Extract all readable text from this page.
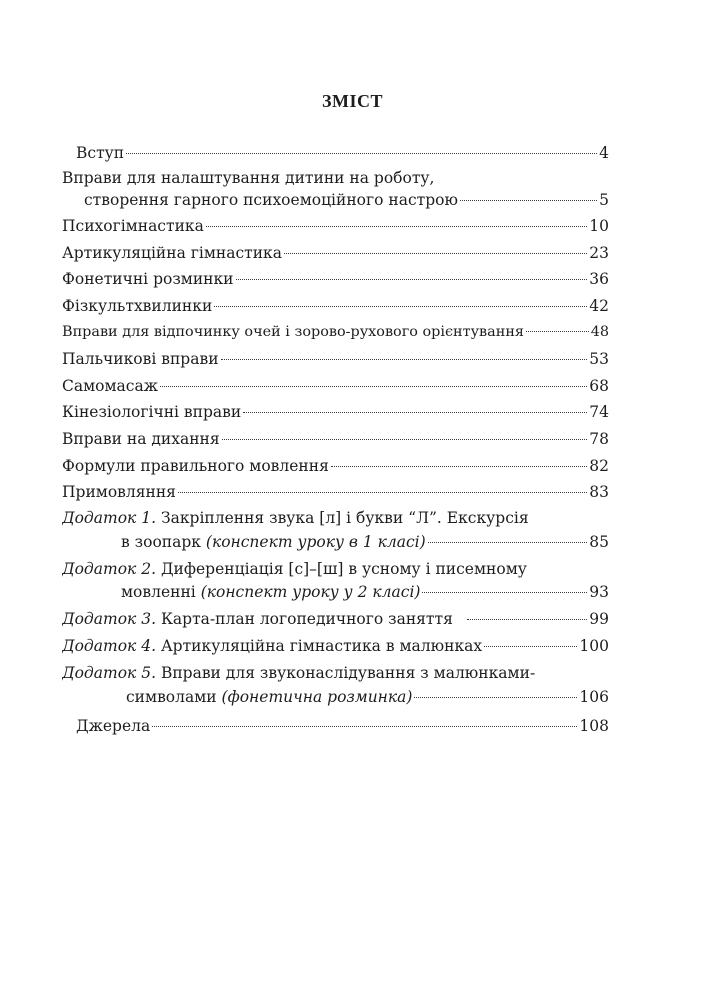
ЗМІСТ
Вступ	4
Вправи для налаштування дитини на роботу,
створення гарного психоемоційного настрою	5
Психогімнастика	10
Артикуляційна гімнастика	23
Фонетичні розминки	36
Фізкультхвилинки	42
Вправи для відпочинку очей і зорово-рухового орієнтування	48
Пальчикові вправи	53
Самомасаж	68
Кінезіологічні вправи	74
Вправи на дихання	78
Формули правильного мовлення	82
Примовляння	83
Додаток 1. Закріплення звука [л] і букви “Л”. Екскурсія
в зоопарк (конспект уроку в 1 класі)	85
Додаток 2. Диференціація [с]–[ш] в усному і писемному
мовленні (конспект уроку у 2 класі)	93
Додаток 3. Карта-план логопедичного заняття	99
Додаток 4. Артикуляційна гімнастика в малюнках	100
Додаток 5. Вправи для звуконаслідування з малюнками-
символами (фонетична розминка)	106
Джерела	108
